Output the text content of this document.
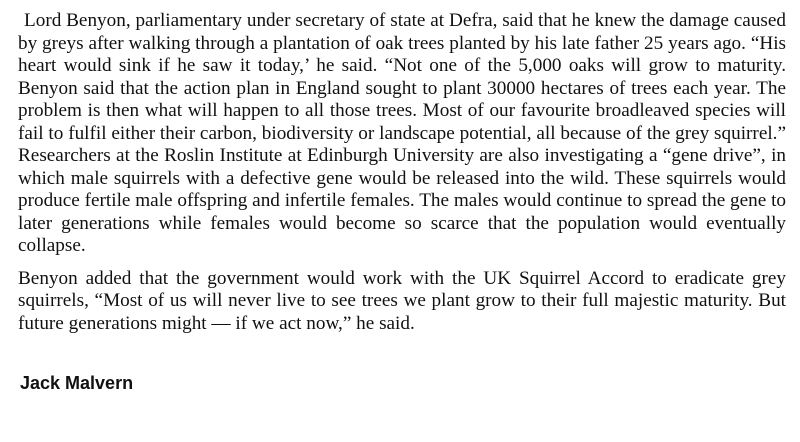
Lord Benyon, parliamentary under secretary of state at Defra, said that he knew the damage caused by greys after walking through a plantation of oak trees planted by his late father 25 years ago. “His heart would sink if he saw it today,’ he said. “Not one of the 5,000 oaks will grow to maturity. Benyon said that the action plan in England sought to plant 30000 hectares of trees each year. The problem is then what will happen to all those trees. Most of our favourite broadleaved species will fail to fulfil either their carbon, biodiversity or landscape potential, all because of the grey squirrel.” Researchers at the Roslin Institute at Edinburgh University are also investigating a “gene drive”, in which male squirrels with a defective gene would be released into the wild. These squirrels would produce fertile male offspring and infertile females. The males would continue to spread the gene to later generations while females would become so scarce that the population would eventually collapse.

Benyon added that the government would work with the UK Squirrel Accord to eradicate grey squirrels, “Most of us will never live to see trees we plant grow to their full majestic maturity. But future generations might — if we act now,” he said.

Jack Malvern
